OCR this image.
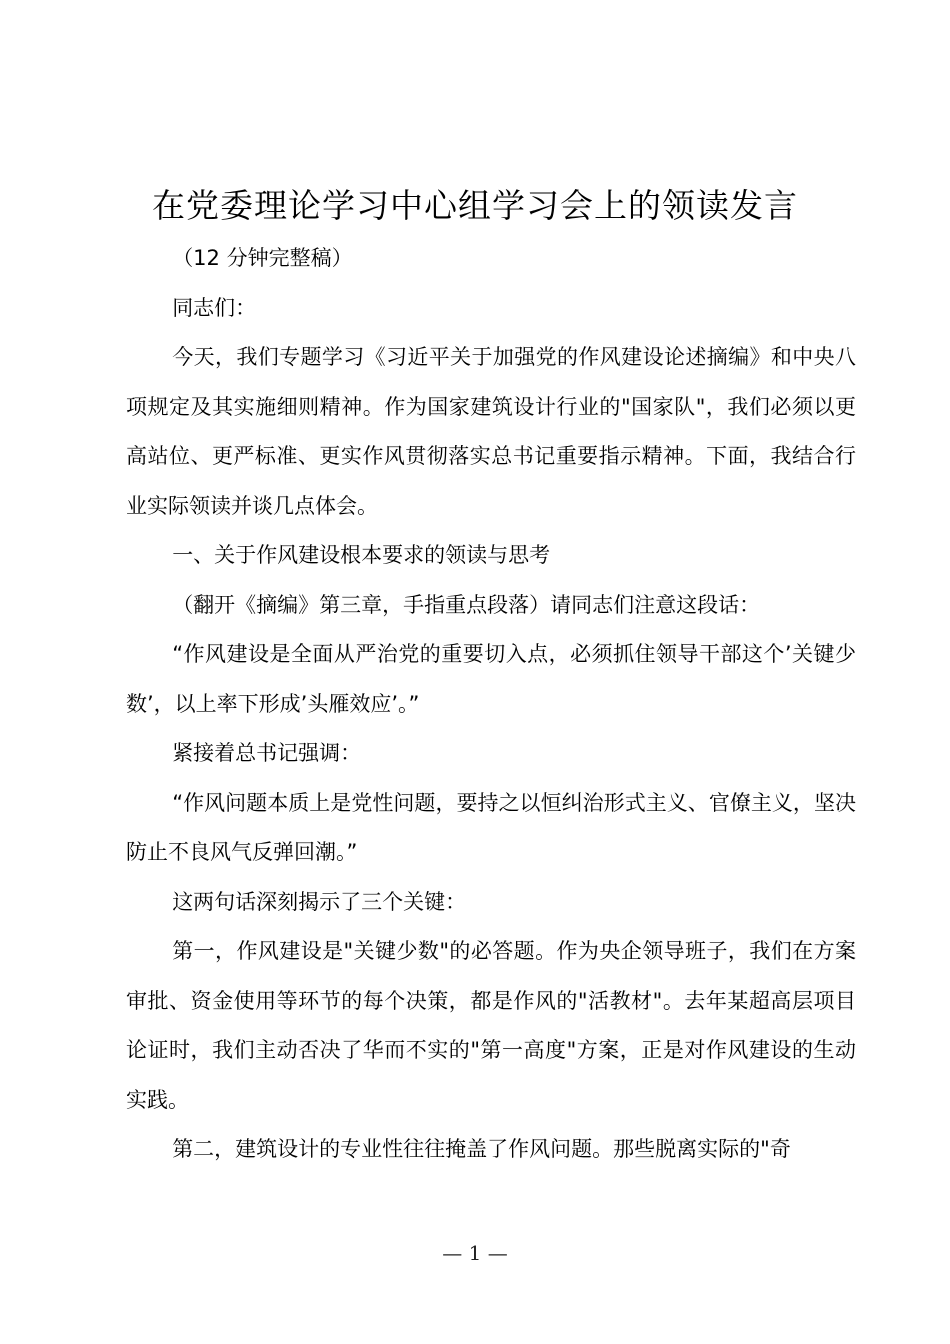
在党委理论学习中心组学习会上的领读发言

（12 分钟完整稿）

同志们：

今天，我们专题学习《习近平关于加强党的作风建设论述摘编》和中央八项规定及其实施细则精神。作为国家建筑设计行业的"国家队"，我们必须以更高站位、更严标准、更实作风贯彻落实总书记重要指示精神。下面，我结合行业实际领读并谈几点体会。

一、关于作风建设根本要求的领读与思考

（翻开《摘编》第三章，手指重点段落）请同志们注意这段话：

“作风建设是全面从严治党的重要切入点，必须抓住领导干部这个’关键少数’，以上率下形成’头雁效应’。”

紧接着总书记强调：

“作风问题本质上是党性问题，要持之以恒纠治形式主义、官僚主义，坚决防止不良风气反弹回潮。”

这两句话深刻揭示了三个关键：

第一，作风建设是"关键少数"的必答题。作为央企领导班子，我们在方案审批、资金使用等环节的每个决策，都是作风的"活教材"。去年某超高层项目论证时，我们主动否决了华而不实的"第一高度"方案，正是对作风建设的生动实践。

第二，建筑设计的专业性往往掩盖了作风问题。那些脱离实际的"奇

— 1 —
